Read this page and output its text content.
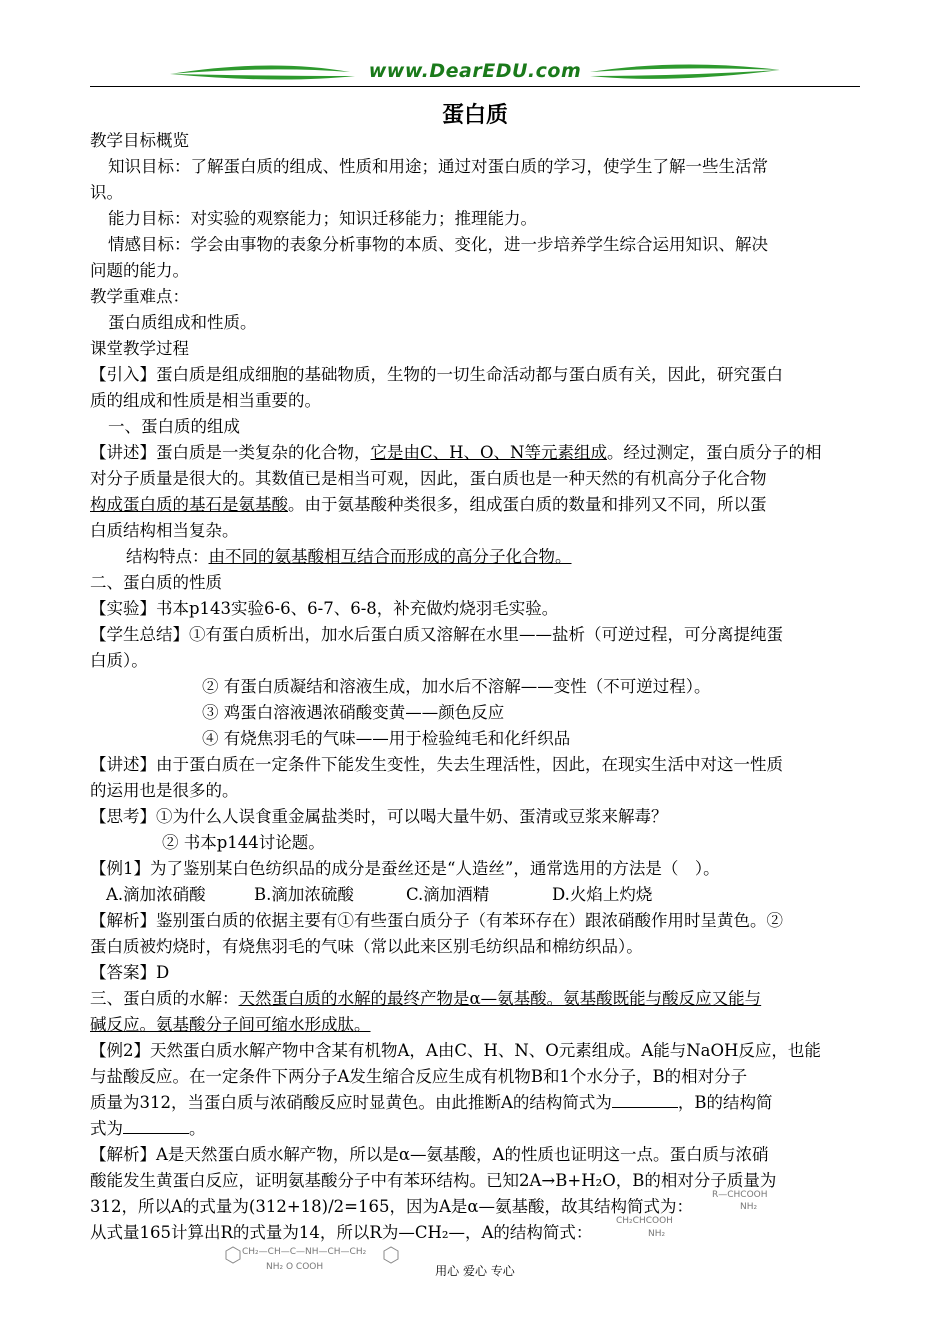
www.DearEDU.com
蛋白质
教学目标概览
知识目标：了解蛋白质的组成、性质和用途；通过对蛋白质的学习，使学生了解一些生活常
识。
能力目标：对实验的观察能力；知识迁移能力；推理能力。
情感目标：学会由事物的表象分析事物的本质、变化，进一步培养学生综合运用知识、解决
问题的能力。
教学重难点：
蛋白质组成和性质。
课堂教学过程
【引入】蛋白质是组成细胞的基础物质，生物的一切生命活动都与蛋白质有关，因此，研究蛋白
质的组成和性质是相当重要的。
一、蛋白质的组成
【讲述】蛋白质是一类复杂的化合物，它是由C、H、O、N等元素组成。经过测定，蛋白质分子的相
对分子质量是很大的。其数值已是相当可观，因此，蛋白质也是一种天然的有机高分子化合物
构成蛋白质的基石是氨基酸。由于氨基酸种类很多，组成蛋白质的数量和排列又不同，所以蛋
白质结构相当复杂。
结构特点：由不同的氨基酸相互结合而形成的高分子化合物。
二、蛋白质的性质
【实验】书本p143实验6-6、6-7、6-8，补充做灼烧羽毛实验。
【学生总结】①有蛋白质析出，加水后蛋白质又溶解在水里——盐析（可逆过程，可分离提纯蛋
白质）。
② 有蛋白质凝结和溶液生成，加水后不溶解——变性（不可逆过程）。
③ 鸡蛋白溶液遇浓硝酸变黄——颜色反应
④ 有烧焦羽毛的气味——用于检验纯毛和化纤织品
【讲述】由于蛋白质在一定条件下能发生变性，失去生理活性，因此，在现实生活中对这一性质
的运用也是很多的。
【思考】①为什么人误食重金属盐类时，可以喝大量牛奶、蛋清或豆浆来解毒？
② 书本p144讨论题。
【例1】为了鉴别某白色纺织品的成分是蚕丝还是“人造丝”，通常选用的方法是（　）。
A.滴加浓硝酸	B.滴加浓硫酸	C.滴加酒精	D.火焰上灼烧
【解析】鉴别蛋白质的依据主要有①有些蛋白质分子（有苯环存在）跟浓硝酸作用时呈黄色。②
蛋白质被灼烧时，有烧焦羽毛的气味（常以此来区别毛纺织品和棉纺织品）。
【答案】D
三、蛋白质的水解：天然蛋白质的水解的最终产物是α—氨基酸。氨基酸既能与酸反应又能与
碱反应。氨基酸分子间可缩水形成肽。
【例2】天然蛋白质水解产物中含某有机物A，A由C、H、N、O元素组成。A能与NaOH反应，也能
与盐酸反应。在一定条件下两分子A发生缩合反应生成有机物B和1个水分子，B的相对分子
质量为312，当蛋白质与浓硝酸反应时显黄色。由此推断A的结构简式为	，B的结构简
式为	。
【解析】A是天然蛋白质水解产物，所以是α—氨基酸，A的性质也证明这一点。蛋白质与浓硝
酸能发生黄蛋白反应，证明氨基酸分子中有苯环结构。已知2A→B+H₂O，B的相对分子质量为
312，所以A的式量为(312+18)/2=165，因为A是α—氨基酸，故其结构简式为：
从式量165计算出R的式量为14，所以R为—CH₂—，A的结构简式：
R—CHCOOH
NH₂
CH₂CHCOOH
NH₂
CH₂—CH—C—NH—CH—CH₂
NH₂ O COOH	用心 爱心 专心
